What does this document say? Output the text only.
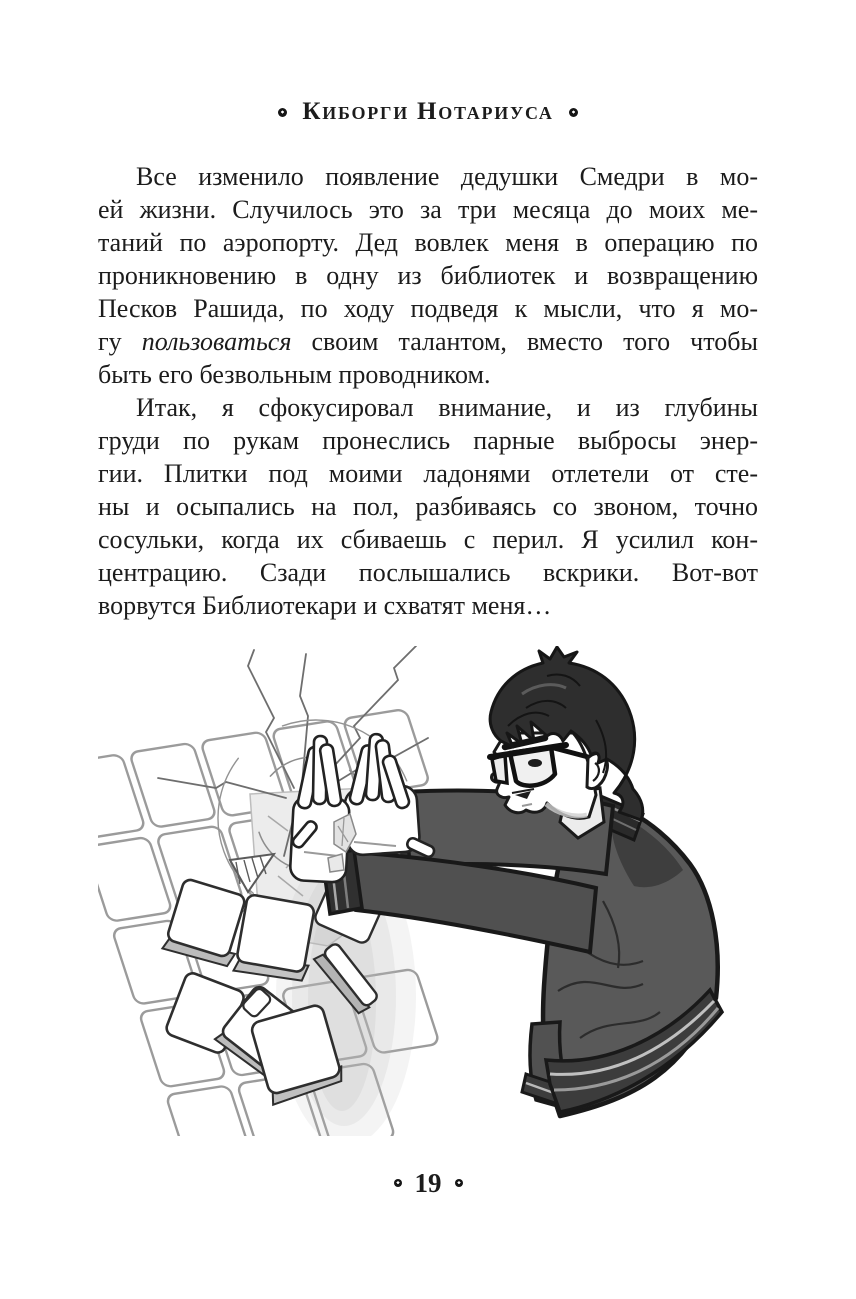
Киборги Нотариуса
Все изменило появление дедушки Смедри в мо-
ей жизни. Случилось это за три месяца до моих ме-
таний по аэропорту. Дед вовлек меня в операцию по
проникновению в одну из библиотек и возвращению
Песков Рашида, по ходу подведя к мысли, что я мо-
гу пользоваться своим талантом, вместо того чтобы
быть его безвольным проводником.
Итак, я сфокусировал внимание, и из глубины
груди по рукам пронеслись парные выбросы энер-
гии. Плитки под моими ладонями отлетели от сте-
ны и осыпались на пол, разбиваясь со звоном, точно
сосульки, когда их сбиваешь с перил. Я усилил кон-
центрацию. Сзади послышались вскрики. Вот-вот
ворвутся Библиотекари и схватят меня…
19
